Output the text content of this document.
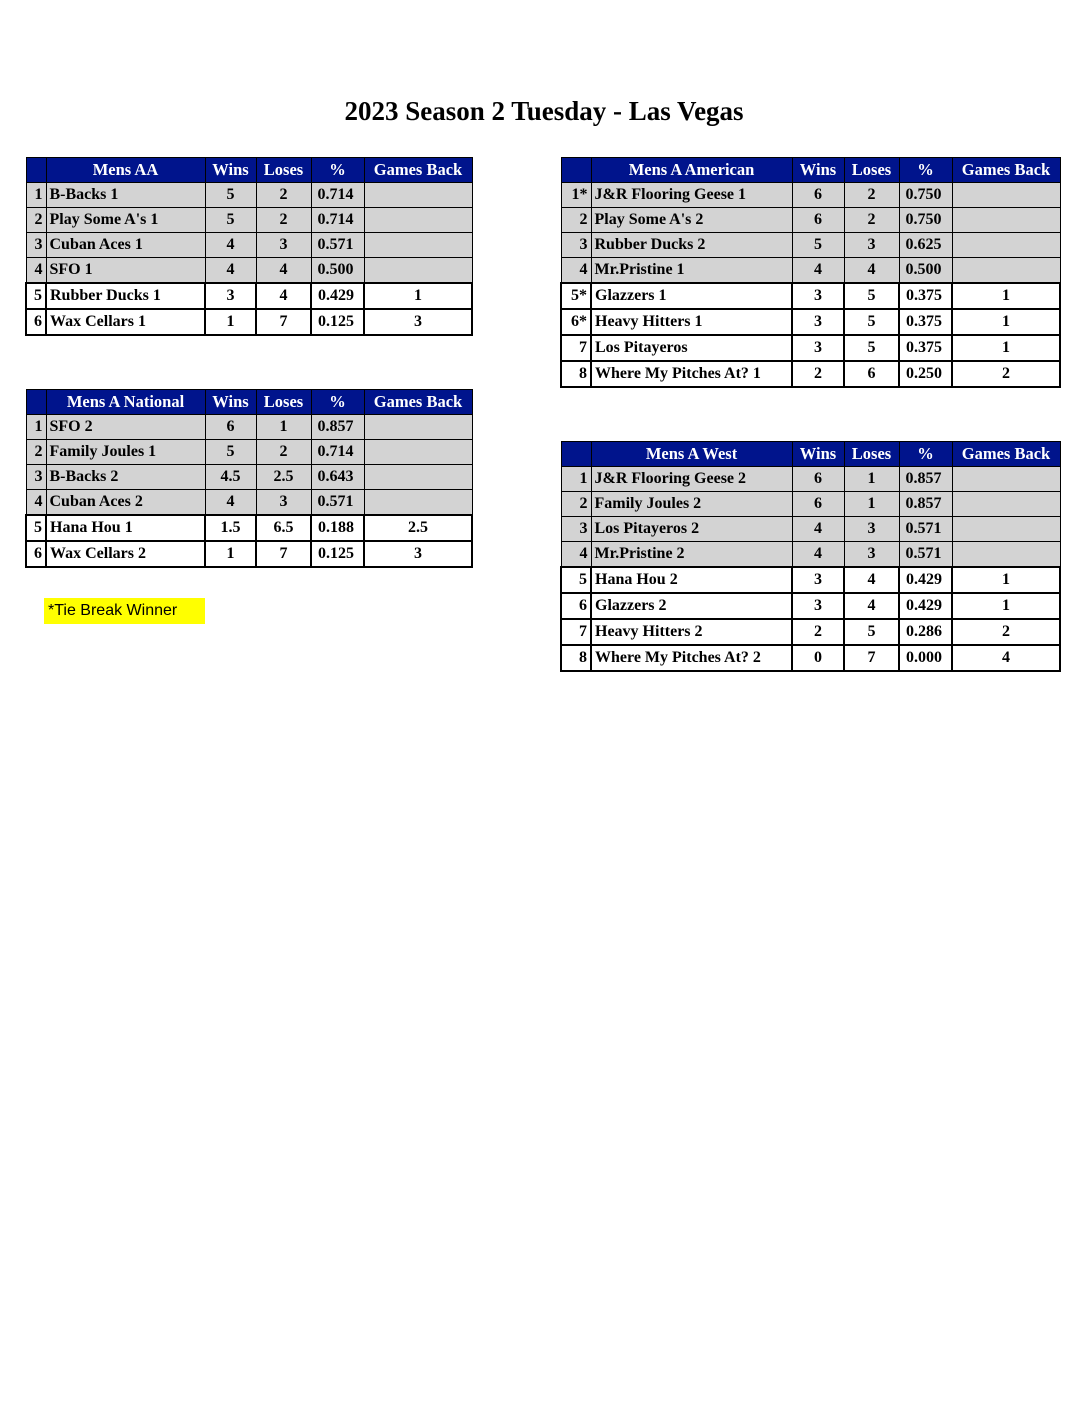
2023 Season 2 Tuesday - Las Vegas
	Mens AA	Wins	Loses	%	Games Back
1	B-Backs 1	5	2	0.714	
2	Play Some A's 1	5	2	0.714	
3	Cuban Aces 1	4	3	0.571	
4	SFO 1	4	4	0.500	
5	Rubber Ducks 1	3	4	0.429	1
6	Wax Cellars 1	1	7	0.125	3
	Mens A National	Wins	Loses	%	Games Back
1	SFO 2	6	1	0.857	
2	Family Joules 1	5	2	0.714	
3	B-Backs 2	4.5	2.5	0.643	
4	Cuban Aces 2	4	3	0.571	
5	Hana Hou 1	1.5	6.5	0.188	2.5
6	Wax Cellars 2	1	7	0.125	3
	Mens A American	Wins	Loses	%	Games Back
1*	J&R Flooring Geese 1	6	2	0.750	
2	Play Some A's 2	6	2	0.750	
3	Rubber Ducks 2	5	3	0.625	
4	Mr.Pristine 1	4	4	0.500	
5*	Glazzers 1	3	5	0.375	1
6*	Heavy Hitters 1	3	5	0.375	1
7	Los Pitayeros	3	5	0.375	1
8	Where My Pitches At? 1	2	6	0.250	2
	Mens A West	Wins	Loses	%	Games Back
1	J&R Flooring Geese 2	6	1	0.857	
2	Family Joules 2	6	1	0.857	
3	Los Pitayeros 2	4	3	0.571	
4	Mr.Pristine 2	4	3	0.571	
5	Hana Hou 2	3	4	0.429	1
6	Glazzers 2	3	4	0.429	1
7	Heavy Hitters 2	2	5	0.286	2
8	Where My Pitches At? 2	0	7	0.000	4
*Tie Break Winner
